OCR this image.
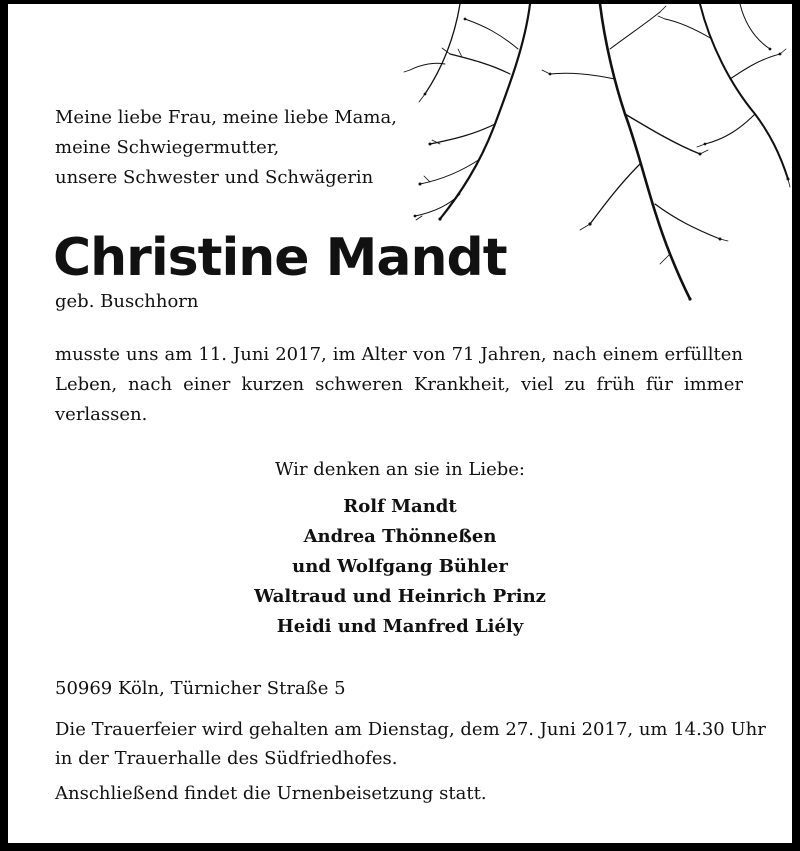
Meine liebe Frau, meine liebe Mama,
meine Schwiegermutter,
unsere Schwester und Schwägerin
Christine Mandt
geb. Buschhorn
musste uns am 11. Juni 2017, im Alter von 71 Jahren, nach einem erfüllten Leben, nach einer kurzen schweren Krankheit, viel zu früh für immer verlassen.
Wir denken an sie in Liebe:
Rolf Mandt
Andrea Thönneßen
und Wolfgang Bühler
Waltraud und Heinrich Prinz
Heidi und Manfred Liély
50969 Köln, Türnicher Straße 5
Die Trauerfeier wird gehalten am Dienstag, dem 27. Juni 2017, um 14.30 Uhr
in der Trauerhalle des Südfriedhofes.
Anschließend findet die Urnenbeisetzung statt.
